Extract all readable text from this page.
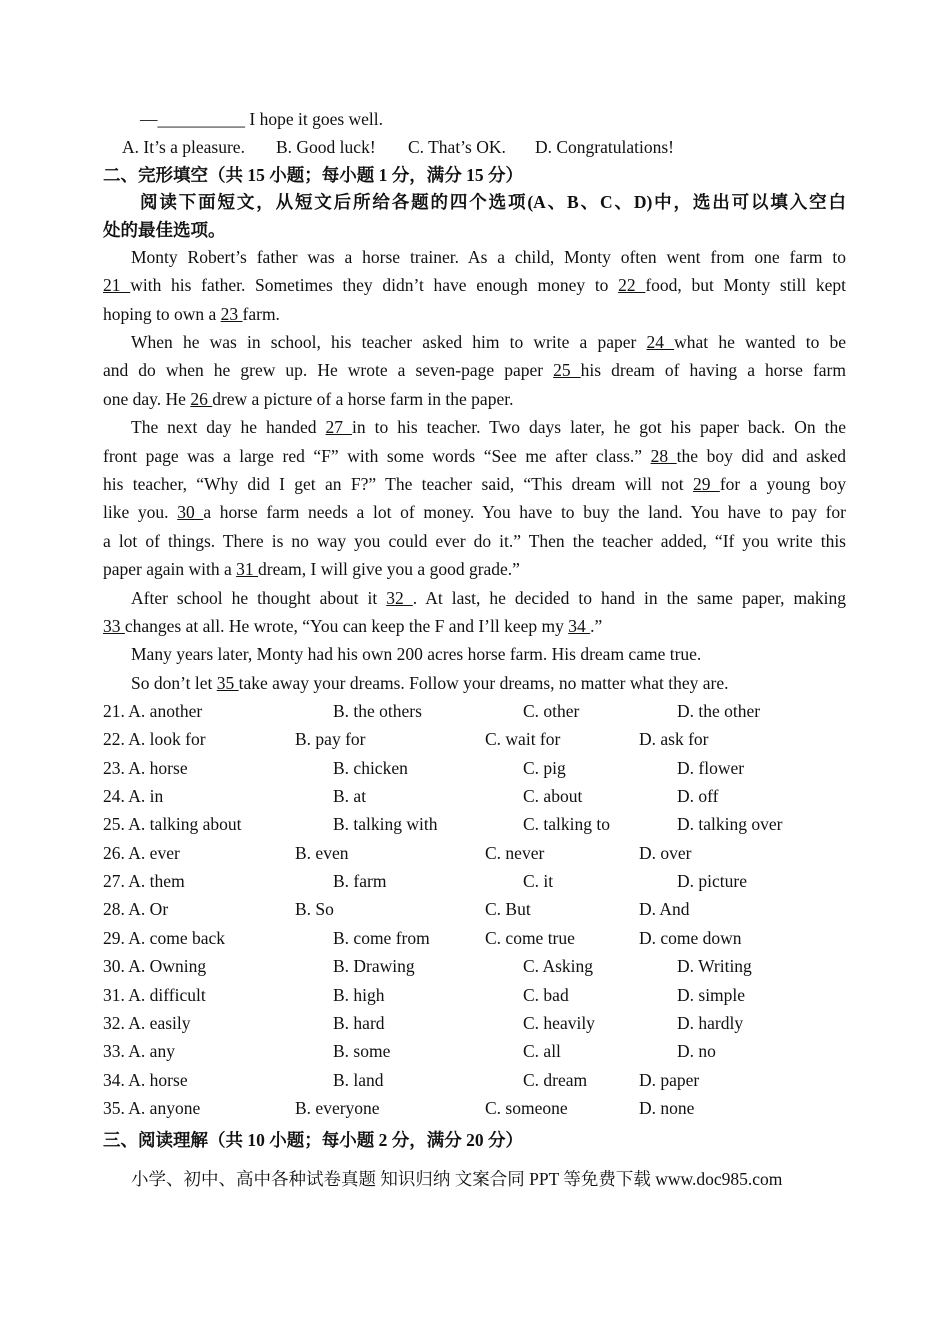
—__________ I hope it goes well.
A. It’s a pleasure. B. Good luck! C. That’s OK. D. Congratulations!
二、完形填空（共 15 小题；每小题 1 分，满分 15 分）
阅读下面短文，从短文后所给各题的四个选项(A、B、C、D)中，选出可以填入空白
处的最佳选项。
Monty Robert’s father was a horse trainer. As a child, Monty often went from one farm to
21 with his father. Sometimes they didn’t have enough money to 22 food, but Monty still kept
hoping to own a 23 farm.
When he was in school, his teacher asked him to write a paper 24 what he wanted to be
and do when he grew up. He wrote a seven-page paper 25 his dream of having a horse farm
one day. He 26 drew a picture of a horse farm in the paper.
The next day he handed 27 in to his teacher. Two days later, he got his paper back. On the
front page was a large red “F” with some words “See me after class.” 28 the boy did and asked
his teacher, “Why did I get an F?” The teacher said, “This dream will not 29 for a young boy
like you. 30 a horse farm needs a lot of money. You have to buy the land. You have to pay for
a lot of things. There is no way you could ever do it.” Then the teacher added, “If you write this
paper again with a 31 dream, I will give you a good grade.”
After school he thought about it 32 . At last, he decided to hand in the same paper, making
33 changes at all. He wrote, “You can keep the F and I’ll keep my 34 .”
Many years later, Monty had his own 200 acres horse farm. His dream came true.
So don’t let 35 take away your dreams. Follow your dreams, no matter what they are.
21. A. another	B. the others	C. other	D. the other
22. A. look for	B. pay for	C. wait for	D. ask for
23. A. horse	B. chicken	C. pig	D. flower
24. A. in	B. at	C. about	D. off
25. A. talking about	B. talking with	C. talking to	D. talking over
26. A. ever	B. even	C. never	D. over
27. A. them	B. farm	C. it	D. picture
28. A. Or	B. So	C. But	D. And
29. A. come back	B. come from	C. come true	D. come down
30. A. Owning	B. Drawing	C. Asking	D. Writing
31. A. difficult	B. high	C. bad	D. simple
32. A. easily	B. hard	C. heavily	D. hardly
33. A. any	B. some	C. all	D. no
34. A. horse	B. land	C. dream	D. paper
35. A. anyone	B. everyone	C. someone	D. none
三、阅读理解（共 10 小题；每小题 2 分，满分 20 分）
小学、初中、高中各种试卷真题 知识归纳 文案合同 PPT 等免费下载 www.doc985.com
